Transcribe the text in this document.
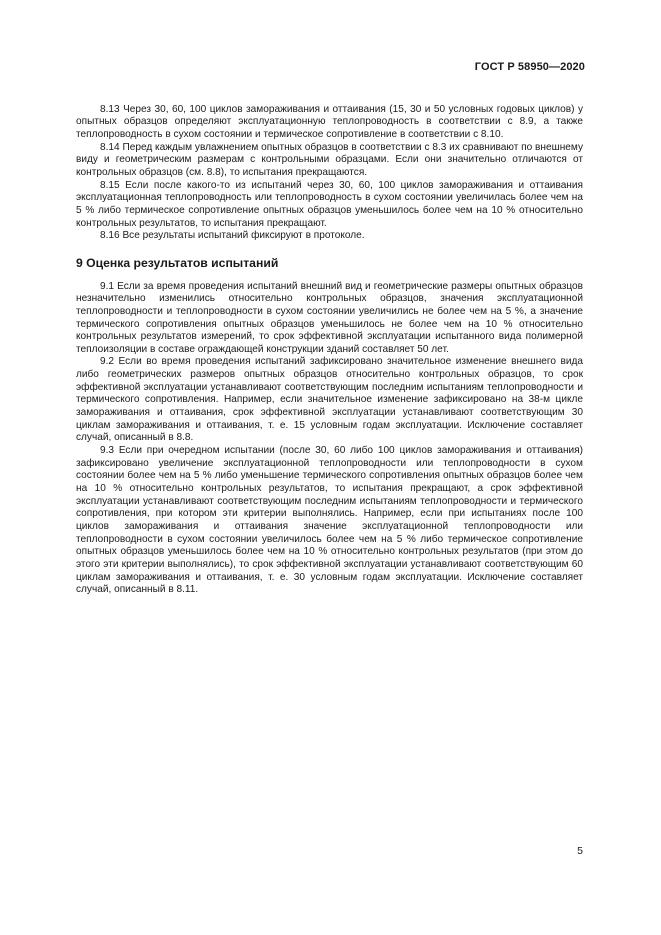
ГОСТ Р 58950—2020

8.13 Через 30, 60, 100 циклов замораживания и оттаивания (15, 30 и 50 условных годовых циклов) у опытных образцов определяют эксплуатационную теплопроводность в соответствии с 8.9, а также теплопроводность в сухом состоянии и термическое сопротивление в соответствии с 8.10.

8.14 Перед каждым увлажнением опытных образцов в соответствии с 8.3 их сравнивают по внешнему виду и геометрическим размерам с контрольными образцами. Если они значительно отличаются от контрольных образцов (см. 8.8), то испытания прекращаются.

8.15 Если после какого-то из испытаний через 30, 60, 100 циклов замораживания и оттаивания эксплуатационная теплопроводность или теплопроводность в сухом состоянии увеличилась более чем на 5 % либо термическое сопротивление опытных образцов уменьшилось более чем на 10 % относительно контрольных результатов, то испытания прекращают.

8.16 Все результаты испытаний фиксируют в протоколе.

9 Оценка результатов испытаний

9.1 Если за время проведения испытаний внешний вид и геометрические размеры опытных образцов незначительно изменились относительно контрольных образцов, значения эксплуатационной теплопроводности и теплопроводности в сухом состоянии увеличились не более чем на 5 %, а значение термического сопротивления опытных образцов уменьшилось не более чем на 10 % относительно контрольных результатов измерений, то срок эффективной эксплуатации испытанного вида полимерной теплоизоляции в составе ограждающей конструкции зданий составляет 50 лет.

9.2 Если во время проведения испытаний зафиксировано значительное изменение внешнего вида либо геометрических размеров опытных образцов относительно контрольных образцов, то срок эффективной эксплуатации устанавливают соответствующим последним испытаниям теплопроводности и термического сопротивления. Например, если значительное изменение зафиксировано на 38-м цикле замораживания и оттаивания, срок эффективной эксплуатации устанавливают соответствующим 30 циклам замораживания и оттаивания, т. е. 15 условным годам эксплуатации. Исключение составляет случай, описанный в 8.8.

9.3 Если при очередном испытании (после 30, 60 либо 100 циклов замораживания и оттаивания) зафиксировано увеличение эксплуатационной теплопроводности или теплопроводности в сухом состоянии более чем на 5 % либо уменьшение термического сопротивления опытных образцов более чем на 10 % относительно контрольных результатов, то испытания прекращают, а срок эффективной эксплуатации устанавливают соответствующим последним испытаниям теплопроводности и термического сопротивления, при котором эти критерии выполнялись. Например, если при испытаниях после 100 циклов замораживания и оттаивания значение эксплуатационной теплопроводности или теплопроводности в сухом состоянии увеличилось более чем на 5 % либо термическое сопротивление опытных образцов уменьшилось более чем на 10 % относительно контрольных результатов (при этом до этого эти критерии выполнялись), то срок эффективной эксплуатации устанавливают соответствующим 60 циклам замораживания и оттаивания, т. е. 30 условным годам эксплуатации. Исключение составляет случай, описанный в 8.11.

5
